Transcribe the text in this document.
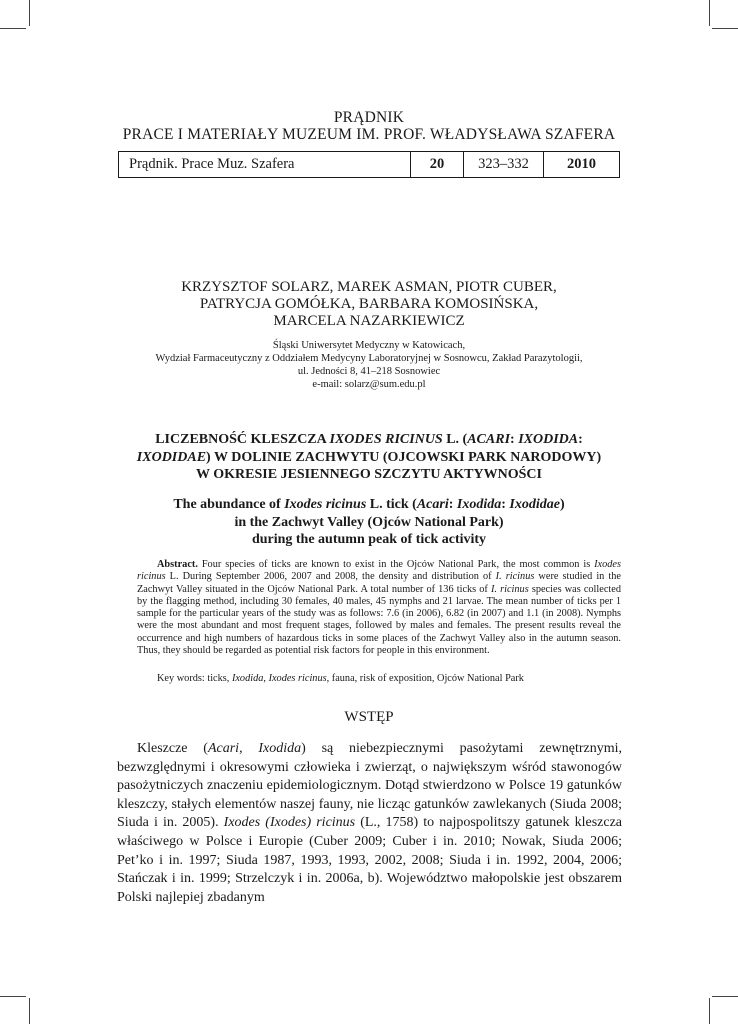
PRĄDNIK
PRACE I MATERIAŁY MUZEUM IM. PROF. WŁADYSŁAWA SZAFERA
Prądnik. Prace Muz. Szafera	20	323–332	2010
KRZYSZTOF SOLARZ, MAREK ASMAN, PIOTR CUBER,
PATRYCJA GOMÓŁKA, BARBARA KOMOSIŃSKA,
MARCELA NAZARKIEWICZ
Śląski Uniwersytet Medyczny w Katowicach,
Wydział Farmaceutyczny z Oddziałem Medycyny Laboratoryjnej w Sosnowcu, Zakład Parazytologii,
ul. Jedności 8, 41–218 Sosnowiec
e-mail: solarz@sum.edu.pl
LICZEBNOŚĆ KLESZCZA IXODES RICINUS L. (ACARI: IXODIDA:
IXODIDAE) W DOLINIE ZACHWYTU (OJCOWSKI PARK NARODOWY)
W OKRESIE JESIENNEGO SZCZYTU AKTYWNOŚCI
The abundance of Ixodes ricinus L. tick (Acari: Ixodida: Ixodidae)
in the Zachwyt Valley (Ojców National Park)
during the autumn peak of tick activity

Abstract. Four species of ticks are known to exist in the Ojców National Park, the most common is Ixodes ricinus L. During September 2006, 2007 and 2008, the density and distribution of I. ricinus were studied in the Zachwyt Valley situated in the Ojców National Park. A total number of 136 ticks of I. ricinus species was collected by the flagging method, including 30 females, 40 males, 45 nymphs and 21 larvae. The mean number of ticks per 1 sample for the particular years of the study was as follows: 7.6 (in 2006), 6.82 (in 2007) and 1.1 (in 2008). Nymphs were the most abundant and most frequent stages, followed by males and females. The present results reveal the occurrence and high numbers of hazardous ticks in some places of the Zachwyt Valley also in the autumn season. Thus, they should be regarded as potential risk factors for people in this environment.

Key words: ticks, Ixodida, Ixodes ricinus, fauna, risk of exposition, Ojców National Park
WSTĘP

Kleszcze (Acari, Ixodida) są niebezpiecznymi pasożytami zewnętrznymi, bezwzględnymi i okresowymi człowieka i zwierząt, o największym wśród stawonogów pasożytniczych znaczeniu epidemiologicznym. Dotąd stwierdzono w Polsce 19 gatunków kleszczy, stałych elementów naszej fauny, nie licząc gatunków zawlekanych (Siuda 2008; Siuda i in. 2005). Ixodes (Ixodes) ricinus (L., 1758) to najpospolitszy gatunek kleszcza właściwego w Polsce i Europie (Cuber 2009; Cuber i in. 2010; Nowak, Siuda 2006; Pet’ko i in. 1997; Siuda 1987, 1993, 1993, 2002, 2008; Siuda i in. 1992, 2004, 2006; Stańczak i in. 1999; Strzelczyk i in. 2006a, b). Województwo małopolskie jest obszarem Polski najlepiej zbadanym
